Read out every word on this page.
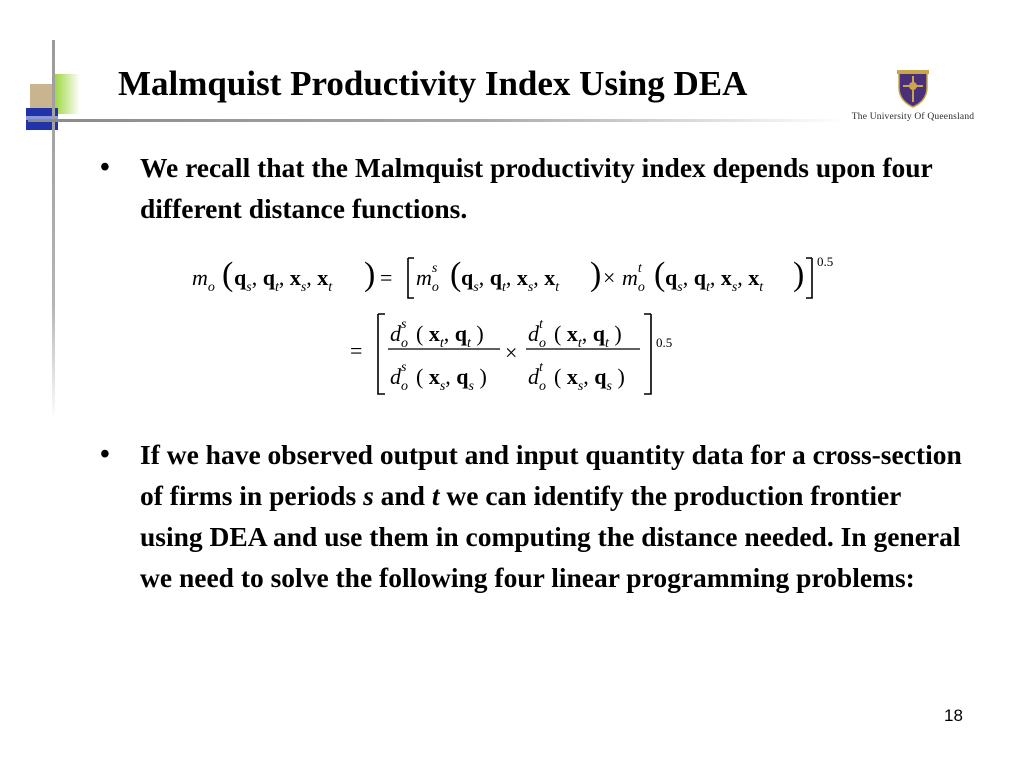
Malmquist Productivity Index Using DEA
The University Of Queensland
•	We recall that the Malmquist productivity index depends upon four different distance functions.
$m_o$ ( $q_s$, $q_t$, $x_s$, $x_t$ ) = $m_os$ ( $q_s$, $q_t$, $x_s$, $x_t$ ) × $m_ot$ ( $q_s$, $q_t$, $x_s$, $x_t$ ) 0.5
=
$d_os$ ( $x_t$, $q_t$ )
$d_os$ ( $x_s$, $q_s$ )
×
$d_ot$ ( $x_t$, $q_t$ )
$d_ot$ ( $x_s$, $q_s$ )
0.5
•	If we have observed output and input quantity data for a cross-section of firms in periods s and t we can identify the production frontier using DEA and use them in computing the distance needed. In general we need to solve the following four linear programming problems:
18
